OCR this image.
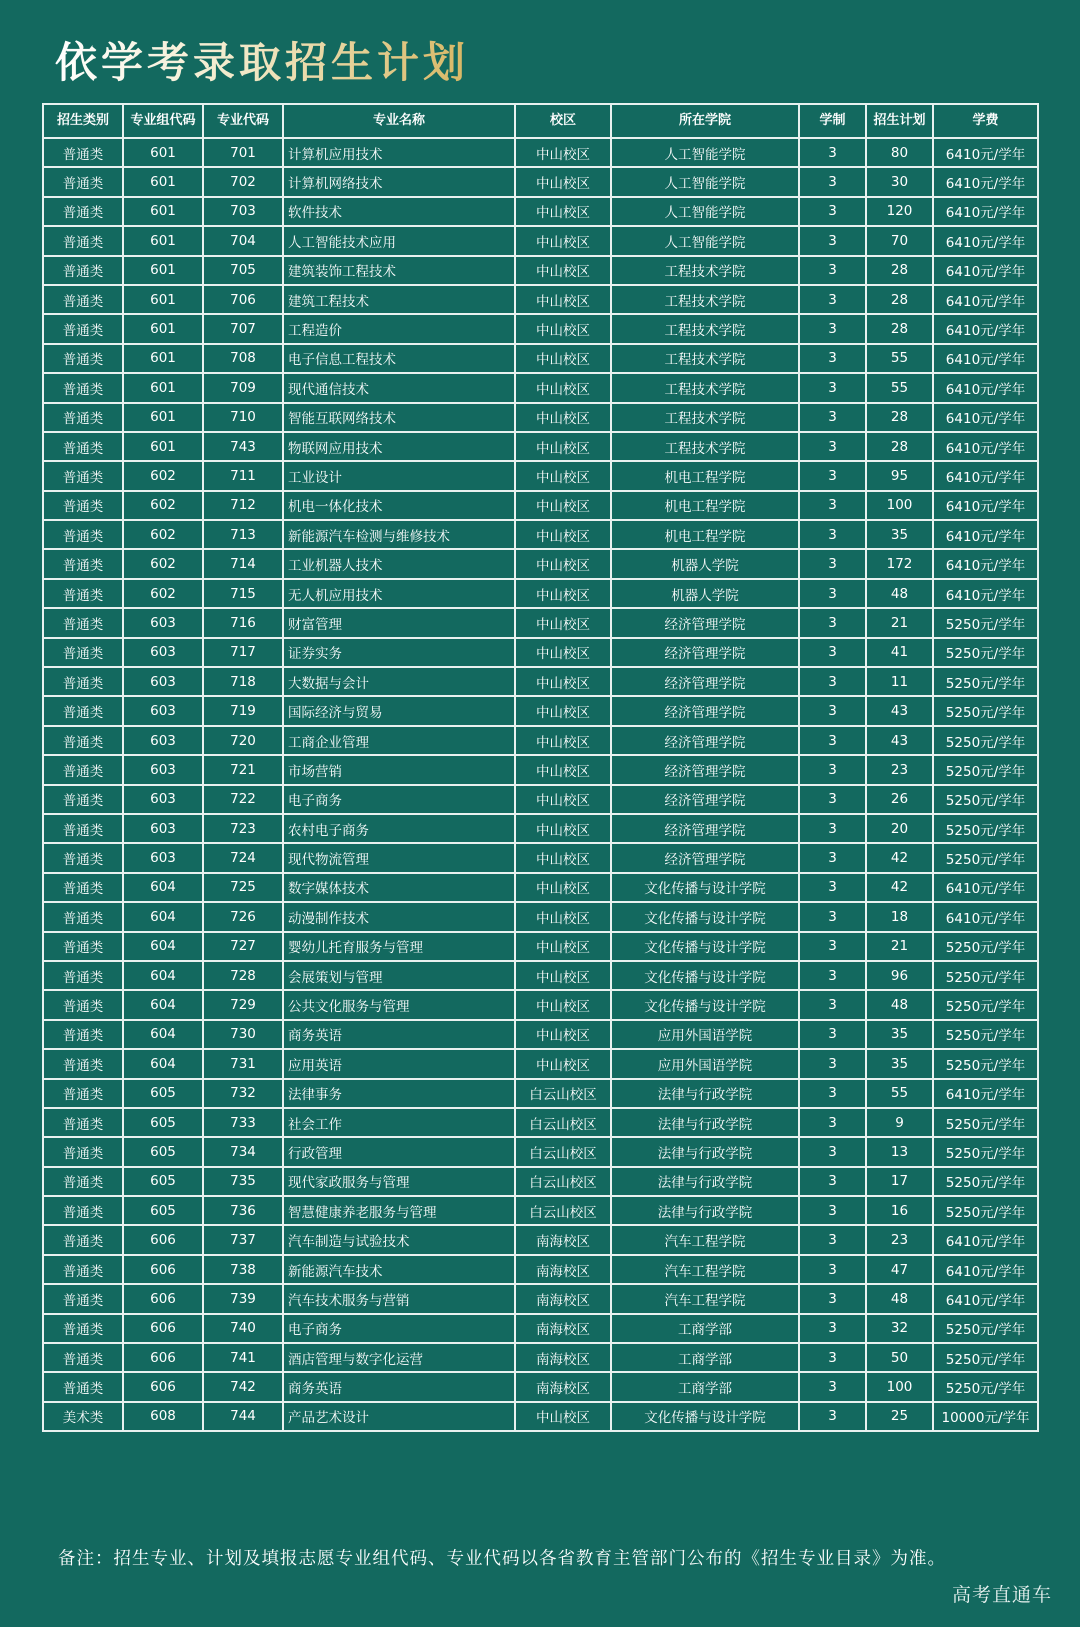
依学考录取招生计划
招生类别	专业组代码	专业代码	专业名称	校区	所在学院	学制	招生计划	学费
普通类	601	701	计算机应用技术	中山校区	人工智能学院	3	80	6410元/学年
普通类	601	702	计算机网络技术	中山校区	人工智能学院	3	30	6410元/学年
普通类	601	703	软件技术	中山校区	人工智能学院	3	120	6410元/学年
普通类	601	704	人工智能技术应用	中山校区	人工智能学院	3	70	6410元/学年
普通类	601	705	建筑装饰工程技术	中山校区	工程技术学院	3	28	6410元/学年
普通类	601	706	建筑工程技术	中山校区	工程技术学院	3	28	6410元/学年
普通类	601	707	工程造价	中山校区	工程技术学院	3	28	6410元/学年
普通类	601	708	电子信息工程技术	中山校区	工程技术学院	3	55	6410元/学年
普通类	601	709	现代通信技术	中山校区	工程技术学院	3	55	6410元/学年
普通类	601	710	智能互联网络技术	中山校区	工程技术学院	3	28	6410元/学年
普通类	601	743	物联网应用技术	中山校区	工程技术学院	3	28	6410元/学年
普通类	602	711	工业设计	中山校区	机电工程学院	3	95	6410元/学年
普通类	602	712	机电一体化技术	中山校区	机电工程学院	3	100	6410元/学年
普通类	602	713	新能源汽车检测与维修技术	中山校区	机电工程学院	3	35	6410元/学年
普通类	602	714	工业机器人技术	中山校区	机器人学院	3	172	6410元/学年
普通类	602	715	无人机应用技术	中山校区	机器人学院	3	48	6410元/学年
普通类	603	716	财富管理	中山校区	经济管理学院	3	21	5250元/学年
普通类	603	717	证券实务	中山校区	经济管理学院	3	41	5250元/学年
普通类	603	718	大数据与会计	中山校区	经济管理学院	3	11	5250元/学年
普通类	603	719	国际经济与贸易	中山校区	经济管理学院	3	43	5250元/学年
普通类	603	720	工商企业管理	中山校区	经济管理学院	3	43	5250元/学年
普通类	603	721	市场营销	中山校区	经济管理学院	3	23	5250元/学年
普通类	603	722	电子商务	中山校区	经济管理学院	3	26	5250元/学年
普通类	603	723	农村电子商务	中山校区	经济管理学院	3	20	5250元/学年
普通类	603	724	现代物流管理	中山校区	经济管理学院	3	42	5250元/学年
普通类	604	725	数字媒体技术	中山校区	文化传播与设计学院	3	42	6410元/学年
普通类	604	726	动漫制作技术	中山校区	文化传播与设计学院	3	18	6410元/学年
普通类	604	727	婴幼儿托育服务与管理	中山校区	文化传播与设计学院	3	21	5250元/学年
普通类	604	728	会展策划与管理	中山校区	文化传播与设计学院	3	96	5250元/学年
普通类	604	729	公共文化服务与管理	中山校区	文化传播与设计学院	3	48	5250元/学年
普通类	604	730	商务英语	中山校区	应用外国语学院	3	35	5250元/学年
普通类	604	731	应用英语	中山校区	应用外国语学院	3	35	5250元/学年
普通类	605	732	法律事务	白云山校区	法律与行政学院	3	55	6410元/学年
普通类	605	733	社会工作	白云山校区	法律与行政学院	3	9	5250元/学年
普通类	605	734	行政管理	白云山校区	法律与行政学院	3	13	5250元/学年
普通类	605	735	现代家政服务与管理	白云山校区	法律与行政学院	3	17	5250元/学年
普通类	605	736	智慧健康养老服务与管理	白云山校区	法律与行政学院	3	16	5250元/学年
普通类	606	737	汽车制造与试验技术	南海校区	汽车工程学院	3	23	6410元/学年
普通类	606	738	新能源汽车技术	南海校区	汽车工程学院	3	47	6410元/学年
普通类	606	739	汽车技术服务与营销	南海校区	汽车工程学院	3	48	6410元/学年
普通类	606	740	电子商务	南海校区	工商学部	3	32	5250元/学年
普通类	606	741	酒店管理与数字化运营	南海校区	工商学部	3	50	5250元/学年
普通类	606	742	商务英语	南海校区	工商学部	3	100	5250元/学年
美术类	608	744	产品艺术设计	中山校区	文化传播与设计学院	3	25	10000元/学年
备注：招生专业、计划及填报志愿专业组代码、专业代码以各省教育主管部门公布的《招生专业目录》为准。
高考直通车
